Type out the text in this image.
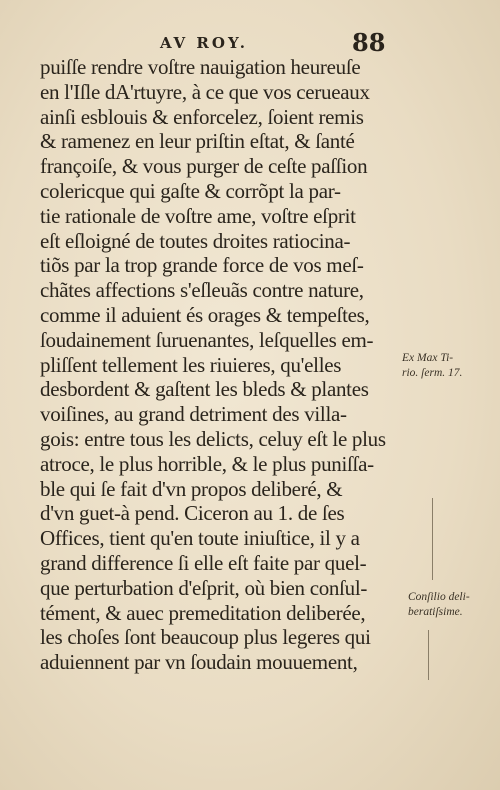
AV ROY.	88
puiſſe rendre voſtre nauigation heureuſe
en l'Iſle dA'rtuyre, à ce que vos cerueaux
ainſi esblouis & enforcelez, ſoient remis
& ramenez en leur priſtin eſtat, & ſanté
françoiſe, & vous purger de ceſte paſſion
colericque qui gaſte & corrõpt la par-
tie rationale de voſtre ame, voſtre eſprit
eſt eſloigné de toutes droites ratiocina-
tiõs par la trop grande force de vos meſ-
chãtes affections s'eſleuãs contre nature,
comme il aduient és orages & tempeſtes,
ſoudainement ſuruenantes, leſquelles em-
pliſſent tellement les riuieres, qu'elles
desbordent & gaſtent les bleds & plantes
voiſines, au grand detriment des villa-
gois: entre tous les delicts, celuy eſt le plus
atroce, le plus horrible, & le plus puniſſa-
ble qui ſe fait d'vn propos deliberé, &
d'vn guet-à pend. Ciceron au 1. de ſes
Offices, tient qu'en toute iniuſtice, il y a
grand difference ſi elle eſt faite par quel-
que perturbation d'eſprit, où bien conſul-
tément, & auec premeditation deliberée,
les choſes ſont beaucoup plus legeres qui
aduiennent par vn ſoudain mouuement,
Ex Max Ti-
rio. ſerm. 17.
Conſilio deli-
beratiſsime.
